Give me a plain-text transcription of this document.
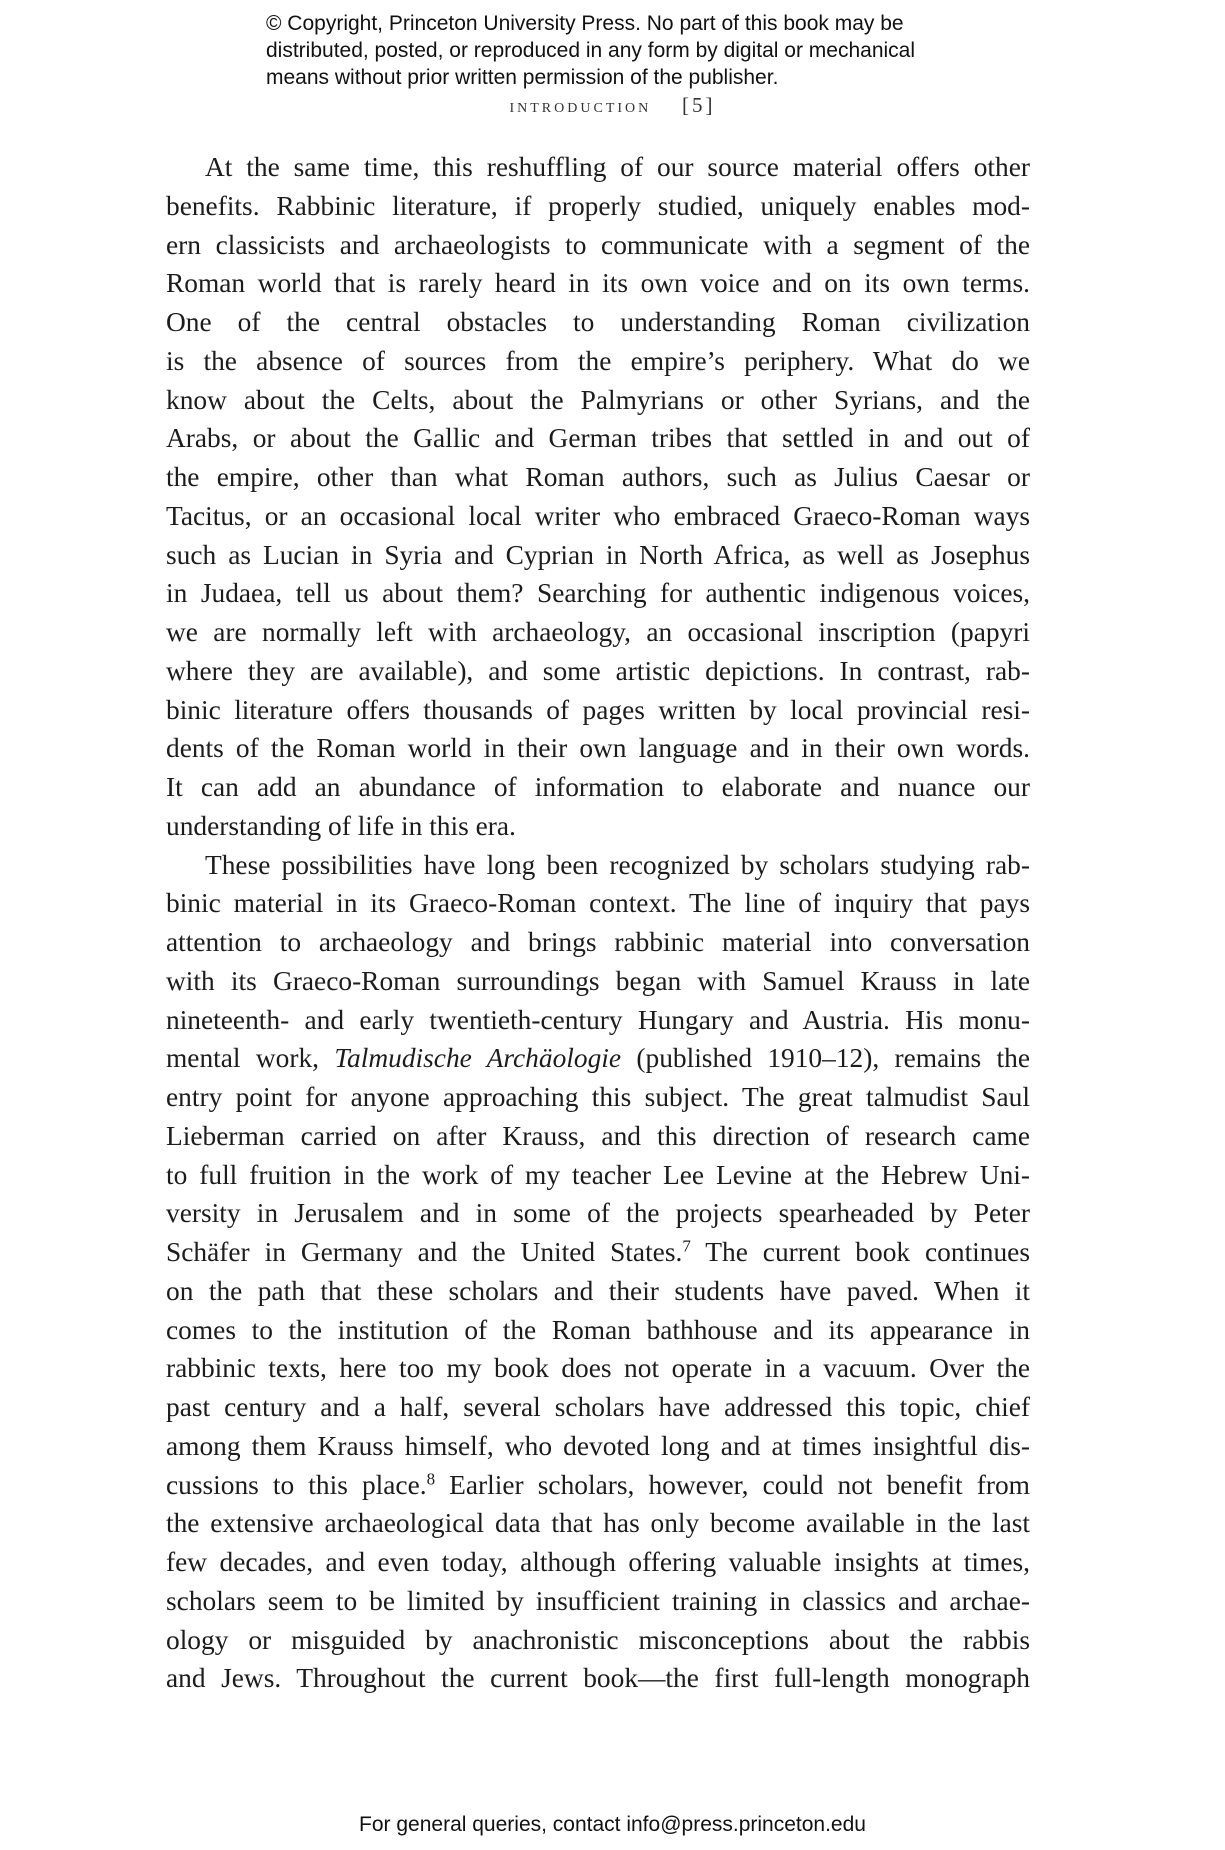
© Copyright, Princeton University Press. No part of this book may be
distributed, posted, or reproduced in any form by digital or mechanical
means without prior written permission of the publisher.
introduction [5]
At the same time, this reshuffling of our source material offers other
benefits. Rabbinic literature, if properly studied, uniquely enables mod-
ern classicists and archaeologists to communicate with a segment of the
Roman world that is rarely heard in its own voice and on its own terms.
One of the central obstacles to understanding Roman civilization
is the absence of sources from the empire’s periphery. What do we
know about the Celts, about the Palmyrians or other Syrians, and the
Arabs, or about the Gallic and German tribes that settled in and out of
the empire, other than what Roman authors, such as Julius Caesar or
Tacitus, or an occasional local writer who embraced Graeco-Roman ways
such as Lucian in Syria and Cyprian in North Africa, as well as Josephus
in Judaea, tell us about them? Searching for authentic indigenous voices,
we are normally left with archaeology, an occasional inscription (papyri
where they are available), and some artistic depictions. In contrast, rab-
binic literature offers thousands of pages written by local provincial resi-
dents of the Roman world in their own language and in their own words.
It can add an abundance of information to elaborate and nuance our
understanding of life in this era.
These possibilities have long been recognized by scholars studying rab-
binic material in its Graeco-Roman context. The line of inquiry that pays
attention to archaeology and brings rabbinic material into conversation
with its Graeco-Roman surroundings began with Samuel Krauss in late
nineteenth- and early twentieth-century Hungary and Austria. His monu-
mental work, Talmudische Archäologie (published 1910–12), remains the
entry point for anyone approaching this subject. The great talmudist Saul
Lieberman carried on after Krauss, and this direction of research came
to full fruition in the work of my teacher Lee Levine at the Hebrew Uni-
versity in Jerusalem and in some of the projects spearheaded by Peter
Schäfer in Germany and the United States.$^7$ The current book continues
on the path that these scholars and their students have paved. When it
comes to the institution of the Roman bathhouse and its appearance in
rabbinic texts, here too my book does not operate in a vacuum. Over the
past century and a half, several scholars have addressed this topic, chief
among them Krauss himself, who devoted long and at times insightful dis-
cussions to this place.$^8$ Earlier scholars, however, could not benefit from
the extensive archaeological data that has only become available in the last
few decades, and even today, although offering valuable insights at times,
scholars seem to be limited by insufficient training in classics and archae-
ology or misguided by anachronistic misconceptions about the rabbis
and Jews. Throughout the current book—the first full-length monograph
For general queries, contact info@press.princeton.edu
